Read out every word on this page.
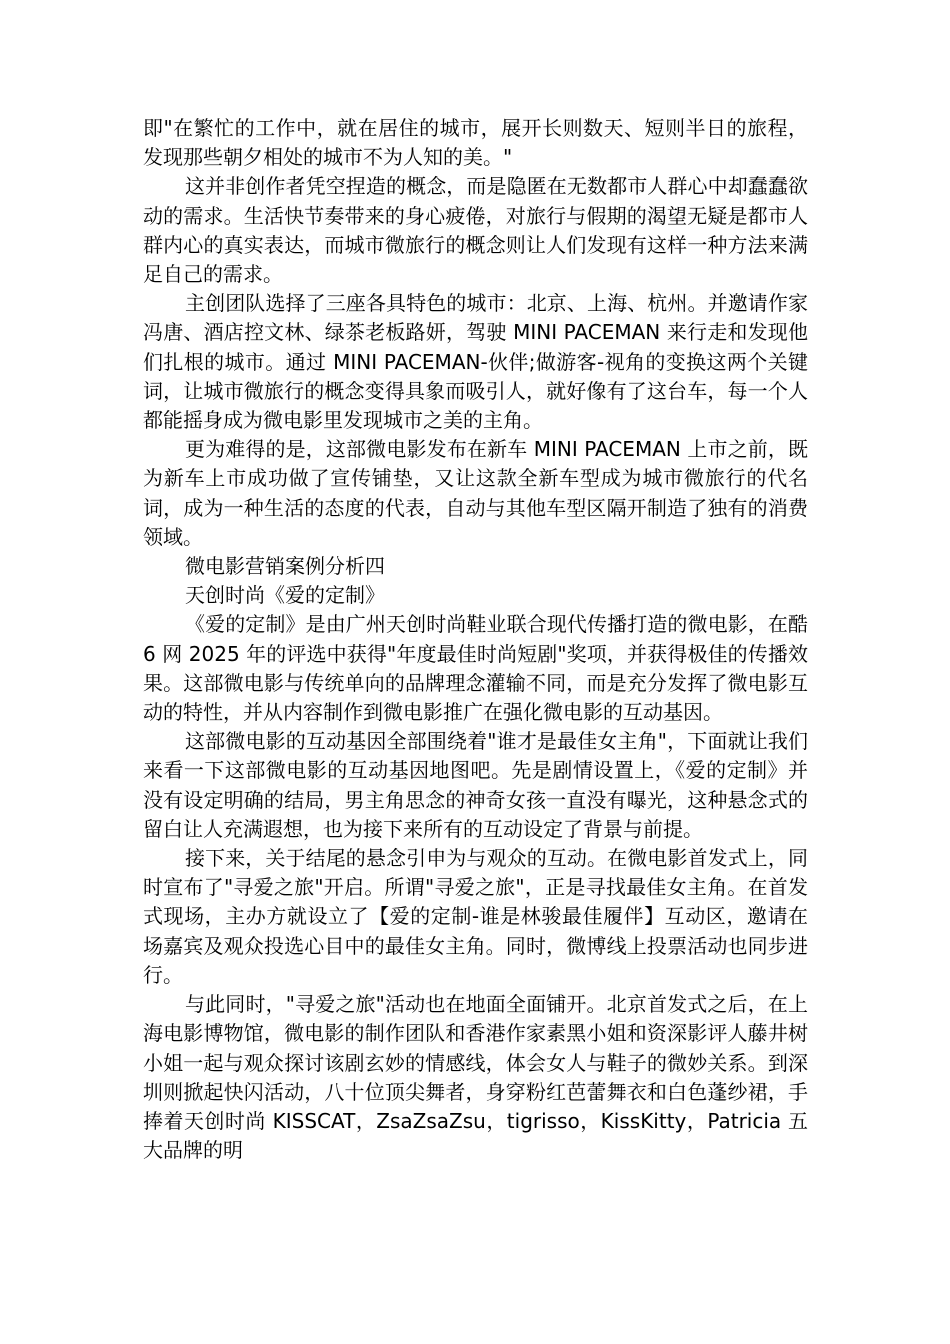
即"在繁忙的工作中，就在居住的城市，展开长则数天、短则半日的旅程，发现那些朝夕相处的城市不为人知的美。"

这并非创作者凭空捏造的概念，而是隐匿在无数都市人群心中却蠢蠢欲动的需求。生活快节奏带来的身心疲倦，对旅行与假期的渴望无疑是都市人群内心的真实表达，而城市微旅行的概念则让人们发现有这样一种方法来满足自己的需求。

主创团队选择了三座各具特色的城市：北京、上海、杭州。并邀请作家冯唐、酒店控文林、绿茶老板路妍，驾驶 MINI PACEMAN 来行走和发现他们扎根的城市。通过 MINI PACEMAN-伙伴;做游客-视角的变换这两个关键词，让城市微旅行的概念变得具象而吸引人，就好像有了这台车，每一个人都能摇身成为微电影里发现城市之美的主角。

更为难得的是，这部微电影发布在新车 MINI PACEMAN 上市之前，既为新车上市成功做了宣传铺垫，又让这款全新车型成为城市微旅行的代名词，成为一种生活的态度的代表，自动与其他车型区隔开制造了独有的消费领域。

微电影营销案例分析四

天创时尚《爱的定制》

《爱的定制》是由广州天创时尚鞋业联合现代传播打造的微电影，在酷 6 网 2025 年的评选中获得"年度最佳时尚短剧"奖项，并获得极佳的传播效果。这部微电影与传统单向的品牌理念灌输不同，而是充分发挥了微电影互动的特性，并从内容制作到微电影推广在强化微电影的互动基因。

这部微电影的互动基因全部围绕着"谁才是最佳女主角"，下面就让我们来看一下这部微电影的互动基因地图吧。先是剧情设置上，《爱的定制》并没有设定明确的结局，男主角思念的神奇女孩一直没有曝光，这种悬念式的留白让人充满遐想，也为接下来所有的互动设定了背景与前提。

接下来，关于结尾的悬念引申为与观众的互动。在微电影首发式上，同时宣布了"寻爱之旅"开启。所谓"寻爱之旅"，正是寻找最佳女主角。在首发式现场，主办方就设立了【爱的定制-谁是林骏最佳履伴】互动区，邀请在场嘉宾及观众投选心目中的最佳女主角。同时，微博线上投票活动也同步进行。

与此同时，"寻爱之旅"活动也在地面全面铺开。北京首发式之后，在上海电影博物馆，微电影的制作团队和香港作家素黑小姐和资深影评人藤井树小姐一起与观众探讨该剧玄妙的情感线，体会女人与鞋子的微妙关系。到深圳则掀起快闪活动，八十位顶尖舞者，身穿粉红芭蕾舞衣和白色蓬纱裙，手捧着天创时尚 KISSCAT，ZsaZsaZsu，tigrisso，KissKitty，Patricia 五大品牌的明
